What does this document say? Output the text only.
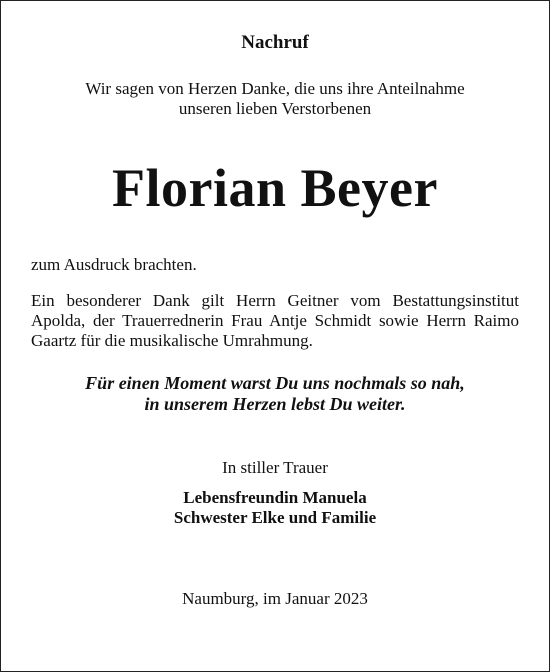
Nachruf
Wir sagen von Herzen Danke, die uns ihre Anteilnahme
unseren lieben Verstorbenen
Florian Beyer
zum Ausdruck brachten.
Ein besonderer Dank gilt Herrn Geitner vom Bestattungsinstitut Apolda, der Trauerrednerin Frau Antje Schmidt sowie Herrn Raimo Gaartz für die musikalische Umrahmung.
Für einen Moment warst Du uns nochmals so nah,
in unserem Herzen lebst Du weiter.
In stiller Trauer
Lebensfreundin Manuela
Schwester Elke und Familie
Naumburg, im Januar 2023
